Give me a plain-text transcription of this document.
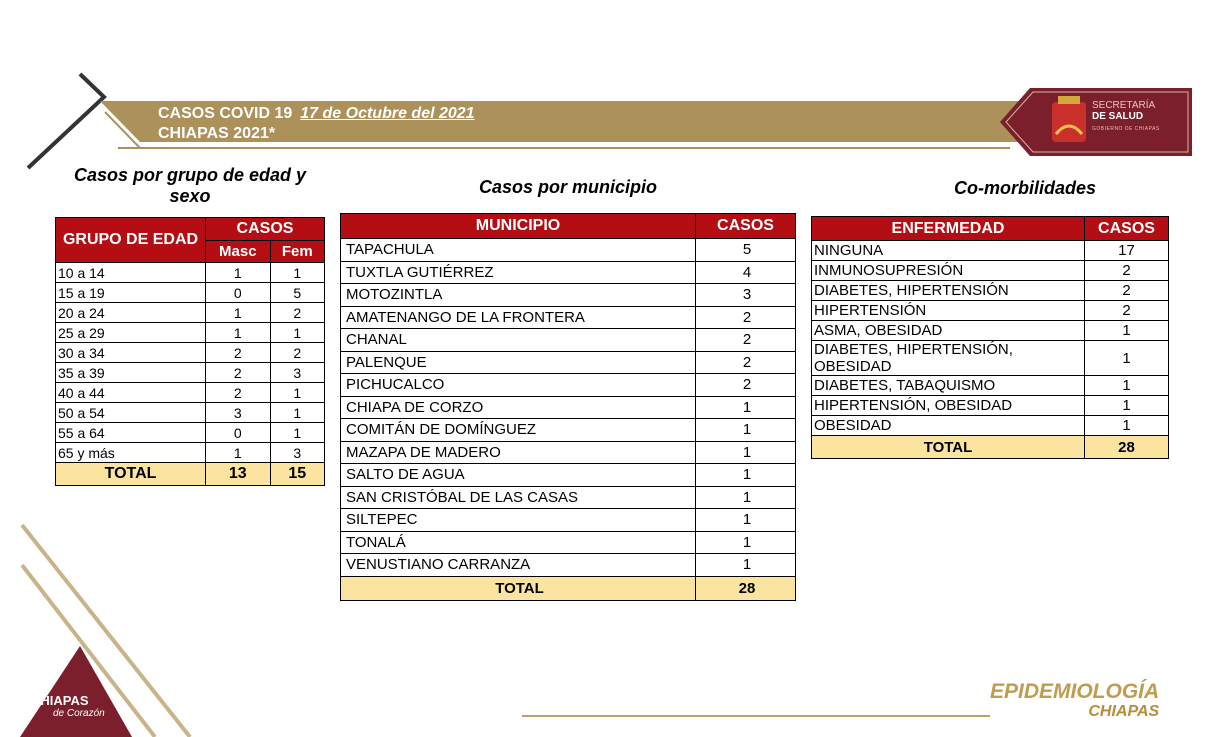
CASOS COVID 19 17 de Octubre del 2021
CHIAPAS 2021*
SECRETARÍA
DE SALUD
GOBIERNO DE CHIAPAS
Casos por grupo de edad y sexo	Casos por municipio	Co-morbilidades
GRUPO DE EDAD	CASOS	
	Masc	Fem
10 a 14	1	1
15 a 19	0	5
20 a 24	1	2
25 a 29	1	1
30 a 34	2	2
35 a 39	2	3
40 a 44	2	1
50 a 54	3	1
55 a 64	0	1
65 y más	1	3
TOTAL	13	15
MUNICIPIO	CASOS
TAPACHULA	5
TUXTLA GUTIÉRREZ	4
MOTOZINTLA	3
AMATENANGO DE LA FRONTERA	2
CHANAL	2
PALENQUE	2
PICHUCALCO	2
CHIAPA DE CORZO	1
COMITÁN DE DOMÍNGUEZ	1
MAZAPA DE MADERO	1
SALTO DE AGUA	1
SAN CRISTÓBAL DE LAS CASAS	1
SILTEPEC	1
TONALÁ	1
VENUSTIANO CARRANZA	1
TOTAL	28
ENFERMEDAD	CASOS
NINGUNA	17
INMUNOSUPRESIÓN	2
DIABETES, HIPERTENSIÓN	2
HIPERTENSIÓN	2
ASMA, OBESIDAD	1
DIABETES, HIPERTENSIÓN, OBESIDAD	1
DIABETES, TABAQUISMO	1
HIPERTENSIÓN, OBESIDAD	1
OBESIDAD	1
TOTAL	28
CHIAPAS
de Corazón
EPIDEMIOLOGÍA
CHIAPAS
